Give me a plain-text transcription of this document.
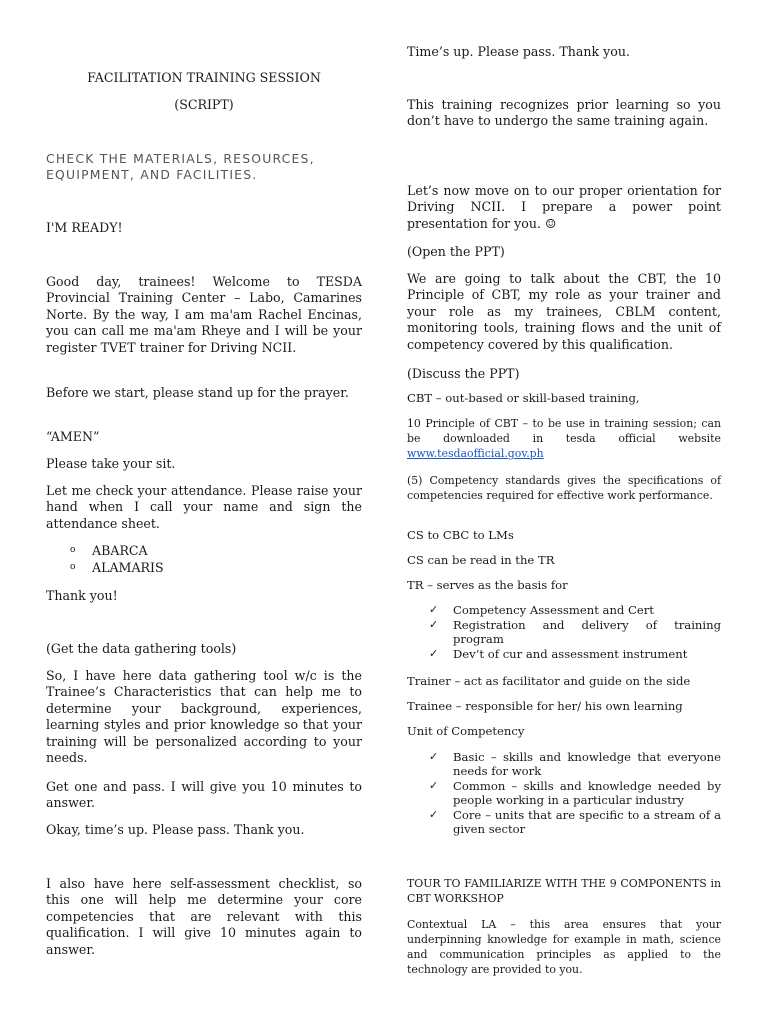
FACILITATION TRAINING SESSION

(SCRIPT)

CHECK THE MATERIALS, RESOURCES, EQUIPMENT, AND FACILITIES.

I'M READY!

Good day, trainees! Welcome to TESDA Provincial Training Center – Labo, Camarines Norte. By the way, I am ma'am Rachel Encinas, you can call me ma'am Rheye and I will be your register TVET trainer for Driving NCII.

Before we start, please stand up for the prayer.

“AMEN”

Please take your sit.

Let me check your attendance. Please raise your hand when I call your name and sign the attendance sheet.

o	ABARCA
o	ALAMARIS

Thank you!

(Get the data gathering tools)

So, I have here data gathering tool w/c is the Trainee’s Characteristics that can help me to determine your background, experiences, learning styles and prior knowledge so that your training will be personalized according to your needs.

Get one and pass. I will give you 10 minutes to answer.

Okay, time’s up. Please pass. Thank you.

I also have here self-assessment checklist, so this one will help me determine your core competencies that are relevant with this qualification. I will give 10 minutes again to answer.

Time’s up. Please pass. Thank you.

This training recognizes prior learning so you don’t have to undergo the same training again.

Let’s now move on to our proper orientation for Driving NCII. I prepare a power point presentation for you. ☺

(Open the PPT)

We are going to talk about the CBT, the 10 Principle of CBT, my role as your trainer and your role as my trainees, CBLM content, monitoring tools, training flows and the unit of competency covered by this qualification.

(Discuss the PPT)

CBT – out-based or skill-based training,

10 Principle of CBT – to be use in training session; can be downloaded in tesda official website www.tesdaofficial.gov.ph

(5) Competency standards gives the specifications of competencies required for effective work performance.

CS to CBC to LMs

CS can be read in the TR

TR – serves as the basis for

✓	Competency Assessment and Cert
✓	Registration and delivery of training program
✓	Dev’t of cur and assessment instrument

Trainer – act as facilitator and guide on the side

Trainee – responsible for her/ his own learning

Unit of Competency

✓	Basic – skills and knowledge that everyone needs for work
✓	Common – skills and knowledge needed by people working in a particular industry
✓	Core – units that are specific to a stream of a given sector

TOUR TO FAMILIARIZE WITH THE 9 COMPONENTS in CBT WORKSHOP

Contextual LA – this area ensures that your underpinning knowledge for example in math, science and communication principles as applied to the technology are provided to you.
